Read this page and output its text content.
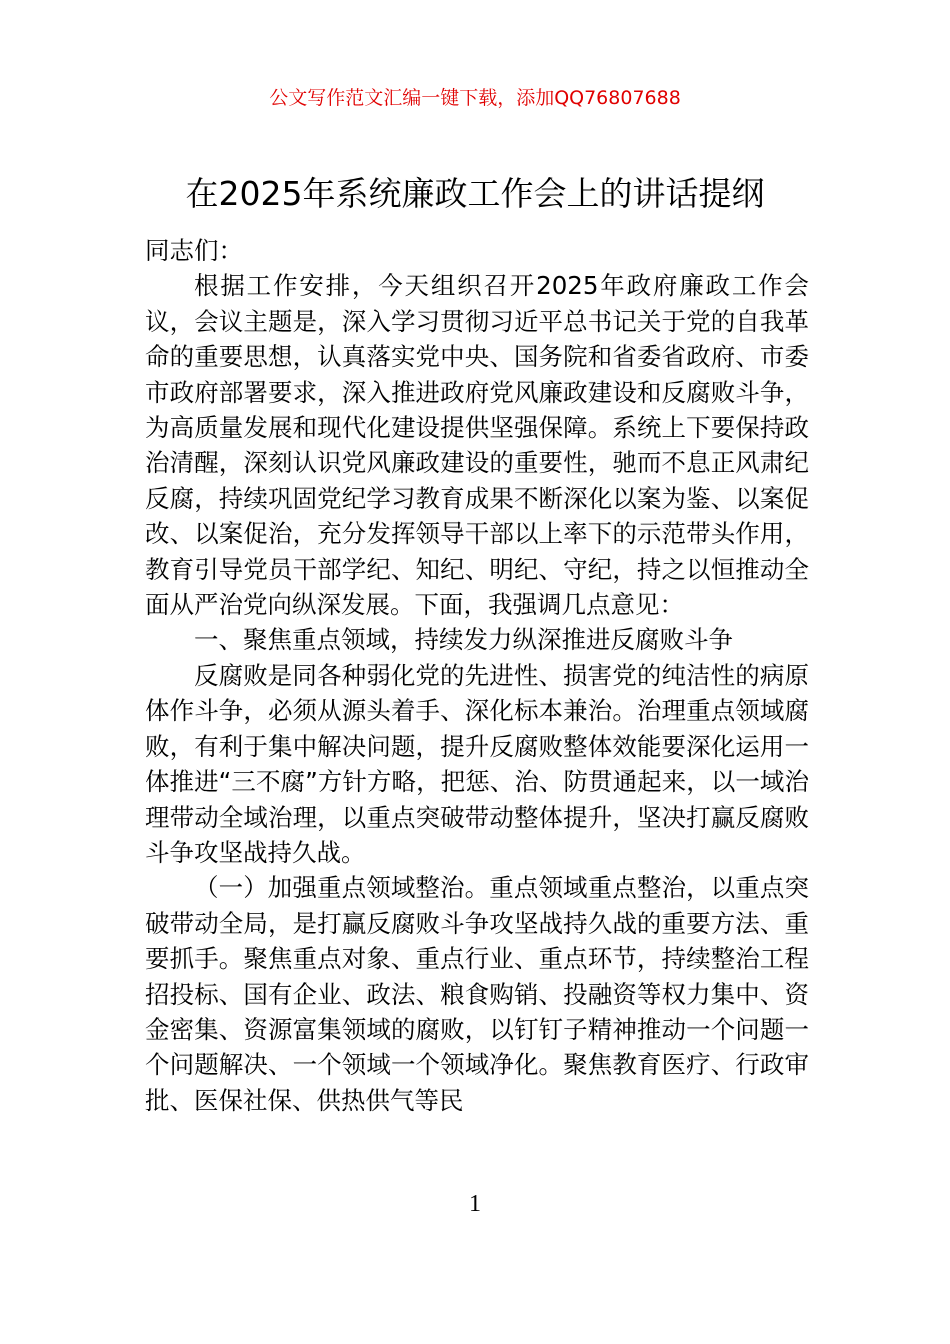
公文写作范文汇编一键下载，添加QQ76807688
在2025年系统廉政工作会上的讲话提纲

同志们：

根据工作安排，今天组织召开2025年政府廉政工作会议，会议主题是，深入学习贯彻习近平总书记关于党的自我革命的重要思想，认真落实党中央、国务院和省委省政府、市委市政府部署要求，深入推进政府党风廉政建设和反腐败斗争，为高质量发展和现代化建设提供坚强保障。系统上下要保持政治清醒，深刻认识党风廉政建设的重要性，驰而不息正风肃纪反腐，持续巩固党纪学习教育成果不断深化以案为鉴、以案促改、以案促治，充分发挥领导干部以上率下的示范带头作用，教育引导党员干部学纪、知纪、明纪、守纪，持之以恒推动全面从严治党向纵深发展。下面，我强调几点意见：

一、聚焦重点领域，持续发力纵深推进反腐败斗争

反腐败是同各种弱化党的先进性、损害党的纯洁性的病原体作斗争，必须从源头着手、深化标本兼治。治理重点领域腐败，有利于集中解决问题，提升反腐败整体效能要深化运用一体推进“三不腐”方针方略，把惩、治、防贯通起来，以一域治理带动全域治理，以重点突破带动整体提升，坚决打赢反腐败斗争攻坚战持久战。

（一）加强重点领域整治。重点领域重点整治，以重点突破带动全局，是打赢反腐败斗争攻坚战持久战的重要方法、重要抓手。聚焦重点对象、重点行业、重点环节，持续整治工程招投标、国有企业、政法、粮食购销、投融资等权力集中、资金密集、资源富集领域的腐败，以钉钉子精神推动一个问题一个问题解决、一个领域一个领域净化。聚焦教育医疗、行政审批、医保社保、供热供气等民

1
